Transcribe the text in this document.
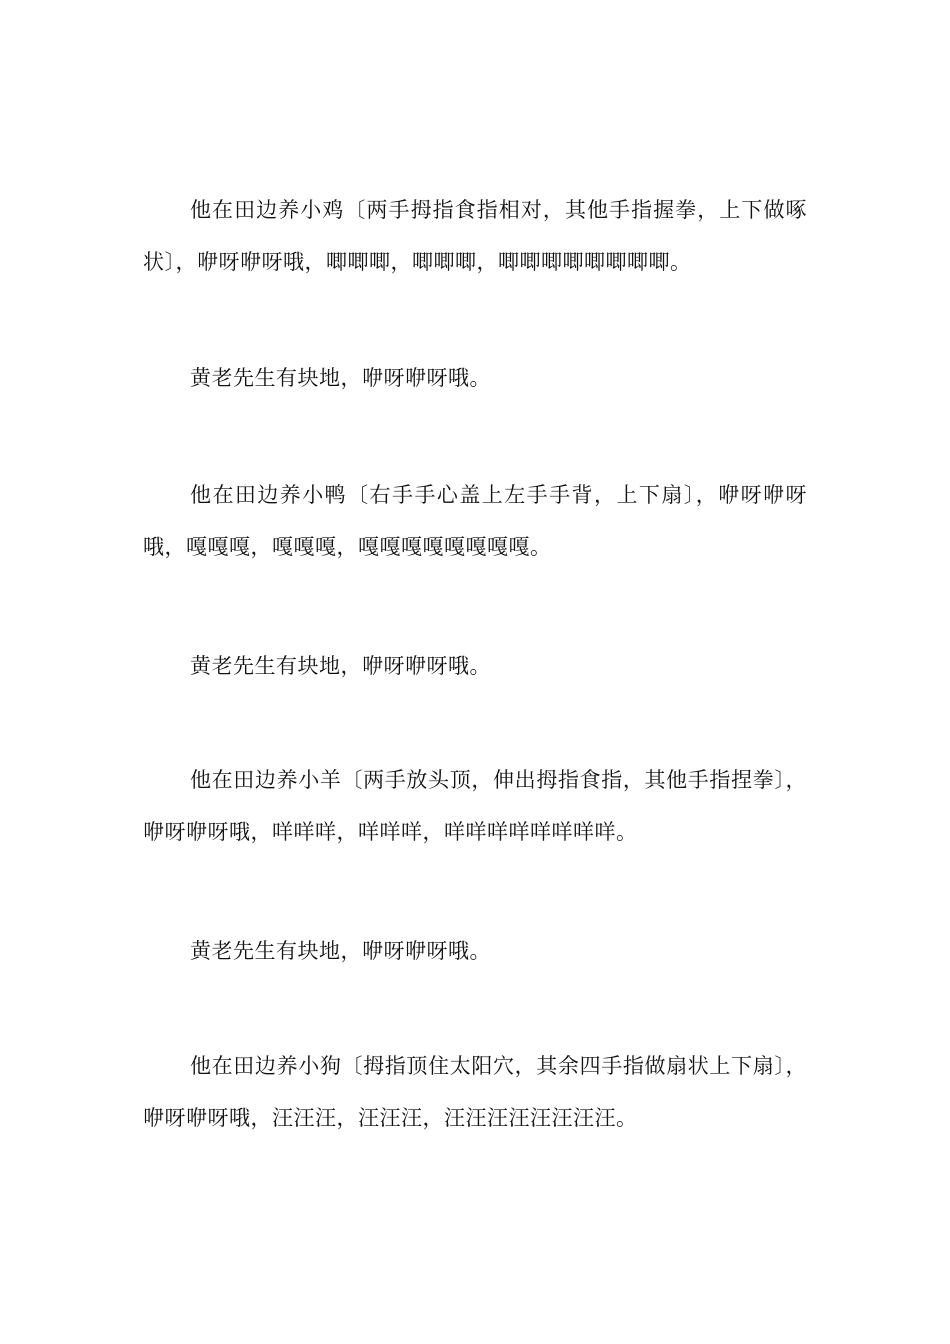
他在田边养小鸡〔两手拇指食指相对，其他手指握拳，上下做啄状〕，咿呀咿呀哦，唧唧唧，唧唧唧，唧唧唧唧唧唧唧唧。

黄老先生有块地，咿呀咿呀哦。

他在田边养小鸭〔右手手心盖上左手手背，上下扇〕，咿呀咿呀哦，嘎嘎嘎，嘎嘎嘎，嘎嘎嘎嘎嘎嘎嘎嘎。

黄老先生有块地，咿呀咿呀哦。

他在田边养小羊〔两手放头顶，伸出拇指食指，其他手指捏拳〕，咿呀咿呀哦，咩咩咩，咩咩咩，咩咩咩咩咩咩咩咩。

黄老先生有块地，咿呀咿呀哦。

他在田边养小狗〔拇指顶住太阳穴，其余四手指做扇状上下扇〕，咿呀咿呀哦，汪汪汪，汪汪汪，汪汪汪汪汪汪汪汪。
